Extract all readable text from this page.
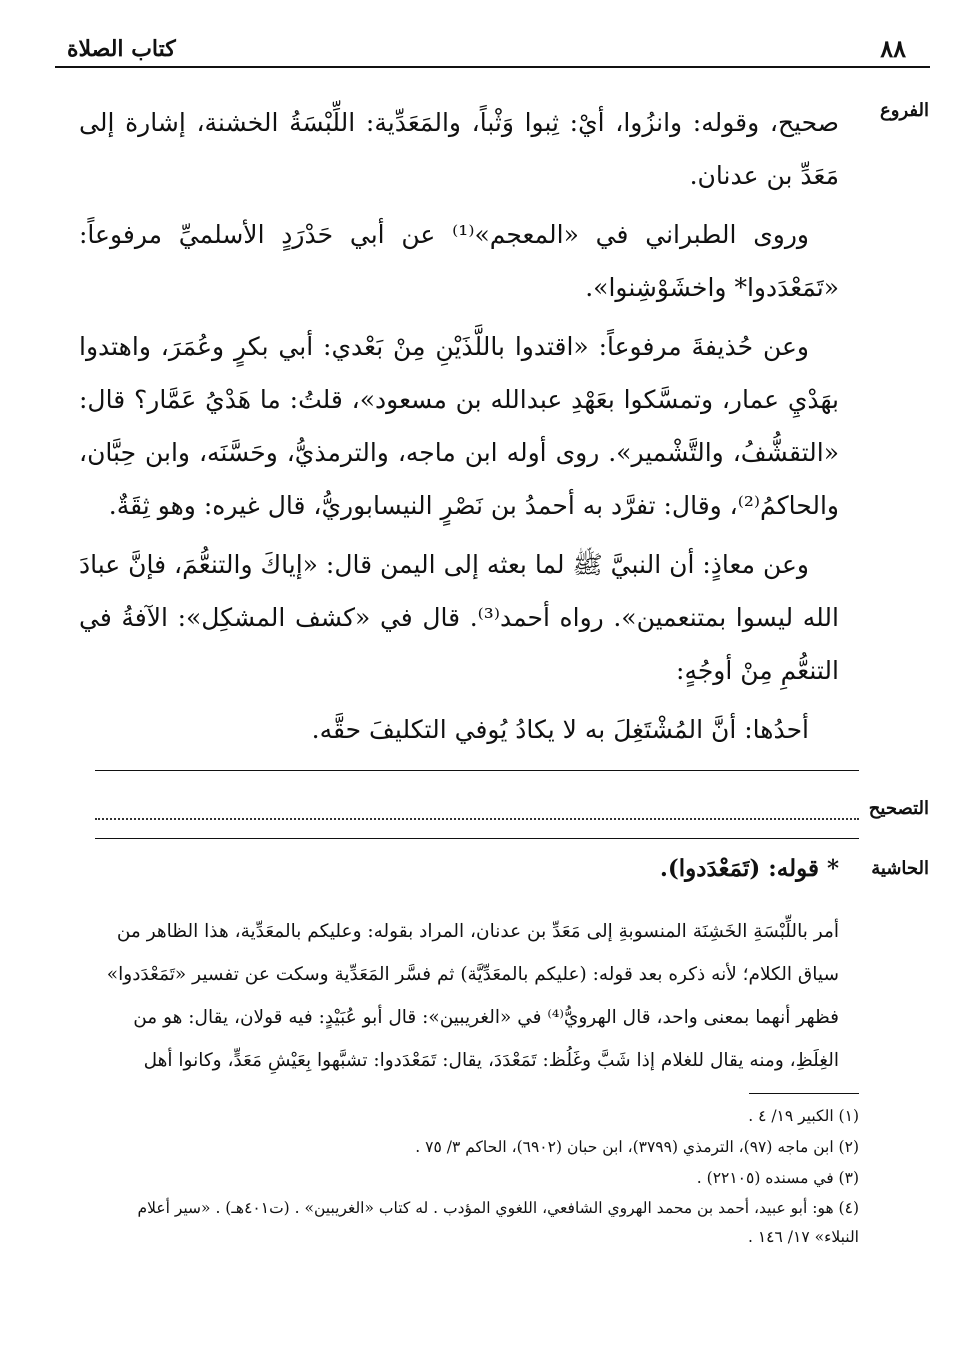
٨٨
كتاب الصلاة
الفروع

صحيح، وقوله: وانزُوا، أيْ: ثِبوا وَثْباً، والمَعَدِّية: اللِّبْسَةُ الخشنة، إشارة إلى مَعَدِّ بن عدنان.

وروى الطبراني في «المعجم»⁽¹⁾ عن أبي حَدْرَدٍ الأسلميِّ مرفوعاً: «تَمَعْدَدوا* واخشَوْشِنوا».

وعن حُذيفةَ مرفوعاً: «اقتدوا باللَّذَيْنِ مِنْ بَعْدي: أبي بكرٍ وعُمَرَ، واهتدوا بهَدْيِ عمار، وتمسَّكوا بعَهْدِ عبدالله بن مسعود»، قلتُ: ما هَدْيُ عَمَّار؟ قال: «التقشُّفُ، والتَّشْمير». روى أوله ابن ماجه، والترمذيُّ، وحَسَّنَه، وابن حِبَّان، والحاكمُ⁽²⁾، وقال: تفرَّد به أحمدُ بن نَصْرٍ النيسابوريُّ، قال غيره: وهو ثِقَةٌ.

وعن معاذٍ: أن النبيَّ ﷺ لما بعثه إلى اليمن قال: «إياكَ والتنعُّمَ، فإنَّ عبادَ الله ليسوا بمتنعمين». رواه أحمد⁽³⁾. قال في «كشف المشكِل»: الآفةُ في التنعُّمِ مِنْ أوجُهٍ:

أحدُها: أنَّ المُشْتَغِلَ به لا يكادُ يُوفي التكليفَ حقَّه.

التصحيح
الحاشية
* قوله: (تَمَعْدَدوا).

أمر باللِّبْسَةِ الخَشِنَة المنسوبةِ إلى مَعَدِّ بن عدنان، المراد بقوله: وعليكم بالمعَدِّية، هذا الظاهر من

سياق الكلام؛ لأنه ذكره بعد قوله: (عليكم بالمعَدِّيَّة) ثم فسَّر المَعَدِّية وسكت عن تفسير «تَمَعْدَدوا»

فظهر أنهما بمعنى واحد، قال الهرويُّ⁽⁴⁾ في «الغريبين»: قال أبو عُبَيْدٍ: فيه قولان، يقال: هو من

الغِلَظِ، ومنه يقال للغلام إذا شَبَّ وغَلُظ: تَمَعْدَدَ، يقال: تَمَعْدَدوا: تشبَّهوا بِعَيْشِ مَعَدٍّ، وكانوا أهل

(١) الكبير ١٩/ ٤ .
(٢) ابن ماجه (٩٧)، الترمذي (٣٧٩٩)، ابن حبان (٦٩٠٢)، الحاكم ٣/ ٧٥ .
(٣) في مسنده (٢٢١٠٥) .
(٤) هو: أبو عبيد، أحمد بن محمد الهروي الشافعي، اللغوي المؤدب . له كتاب «الغريبين» . (ت٤٠١هـ) . «سير أعلام النبلاء» ١٧/ ١٤٦ .
